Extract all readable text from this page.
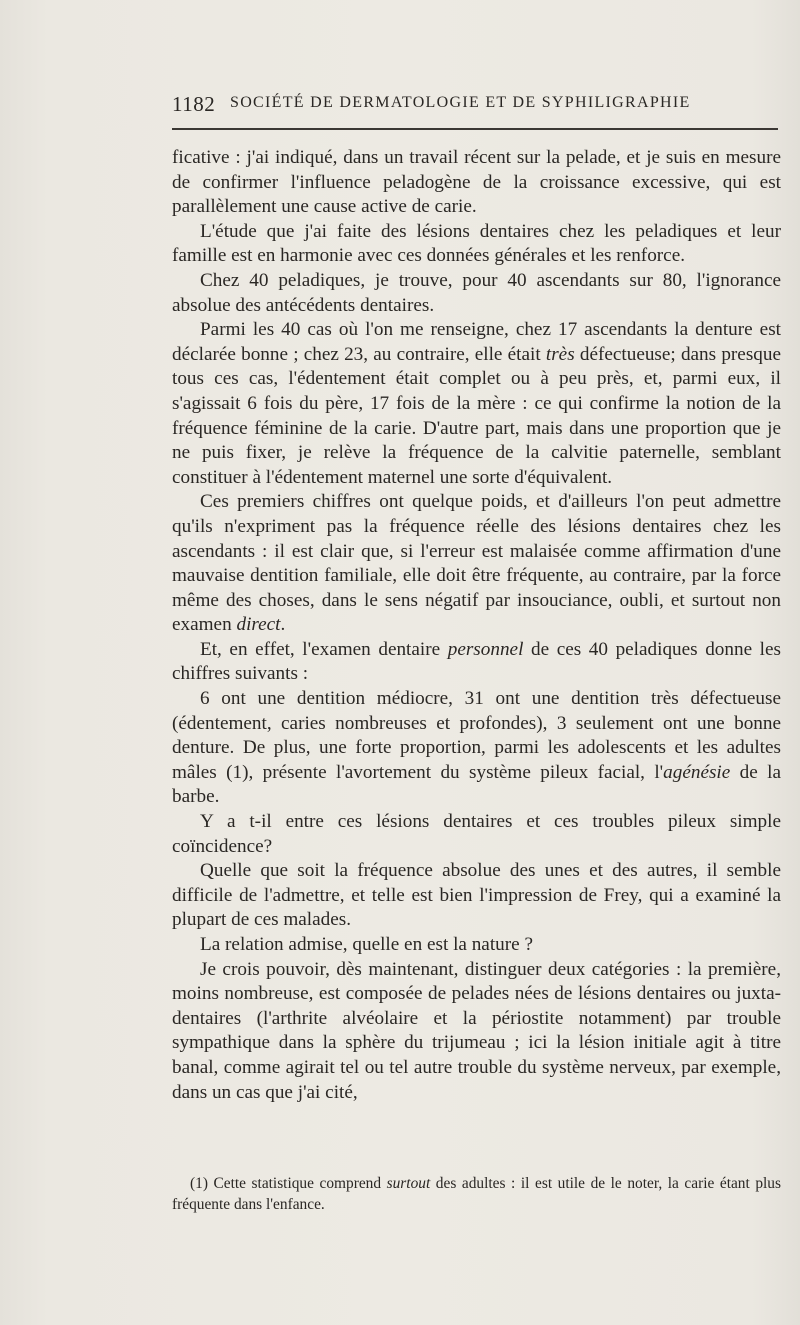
1182 SOCIÉTÉ DE DERMATOLOGIE ET DE SYPHILIGRAPHIE

ficative : j'ai indiqué, dans un travail récent sur la pelade, et je suis en mesure de confirmer l'influence peladogène de la croissance excessive, qui est parallèlement une cause active de carie.

L'étude que j'ai faite des lésions dentaires chez les peladiques et leur famille est en harmonie avec ces données générales et les renforce.

Chez 40 peladiques, je trouve, pour 40 ascendants sur 80, l'ignorance absolue des antécédents dentaires.

Parmi les 40 cas où l'on me renseigne, chez 17 ascendants la denture est déclarée bonne ; chez 23, au contraire, elle était très défectueuse; dans presque tous ces cas, l'édentement était complet ou à peu près, et, parmi eux, il s'agissait 6 fois du père, 17 fois de la mère : ce qui confirme la notion de la fréquence féminine de la carie. D'autre part, mais dans une proportion que je ne puis fixer, je relève la fréquence de la calvitie paternelle, semblant constituer à l'édentement maternel une sorte d'équivalent.

Ces premiers chiffres ont quelque poids, et d'ailleurs l'on peut admettre qu'ils n'expriment pas la fréquence réelle des lésions dentaires chez les ascendants : il est clair que, si l'erreur est malaisée comme affirmation d'une mauvaise dentition familiale, elle doit être fréquente, au contraire, par la force même des choses, dans le sens négatif par insouciance, oubli, et surtout non examen direct.

Et, en effet, l'examen dentaire personnel de ces 40 peladiques donne les chiffres suivants :

6 ont une dentition médiocre, 31 ont une dentition très défectueuse (édentement, caries nombreuses et profondes), 3 seulement ont une bonne denture. De plus, une forte proportion, parmi les adolescents et les adultes mâles (1), présente l'avortement du système pileux facial, l'agénésie de la barbe.

Y a t-il entre ces lésions dentaires et ces troubles pileux simple coïncidence?

Quelle que soit la fréquence absolue des unes et des autres, il semble difficile de l'admettre, et telle est bien l'impression de Frey, qui a examiné la plupart de ces malades.

La relation admise, quelle en est la nature ?

Je crois pouvoir, dès maintenant, distinguer deux catégories : la première, moins nombreuse, est composée de pelades nées de lésions dentaires ou juxta-dentaires (l'arthrite alvéolaire et la périostite notamment) par trouble sympathique dans la sphère du trijumeau ; ici la lésion initiale agit à titre banal, comme agirait tel ou tel autre trouble du système nerveux, par exemple, dans un cas que j'ai cité,

(1) Cette statistique comprend surtout des adultes : il est utile de le noter, la carie étant plus fréquente dans l'enfance.
